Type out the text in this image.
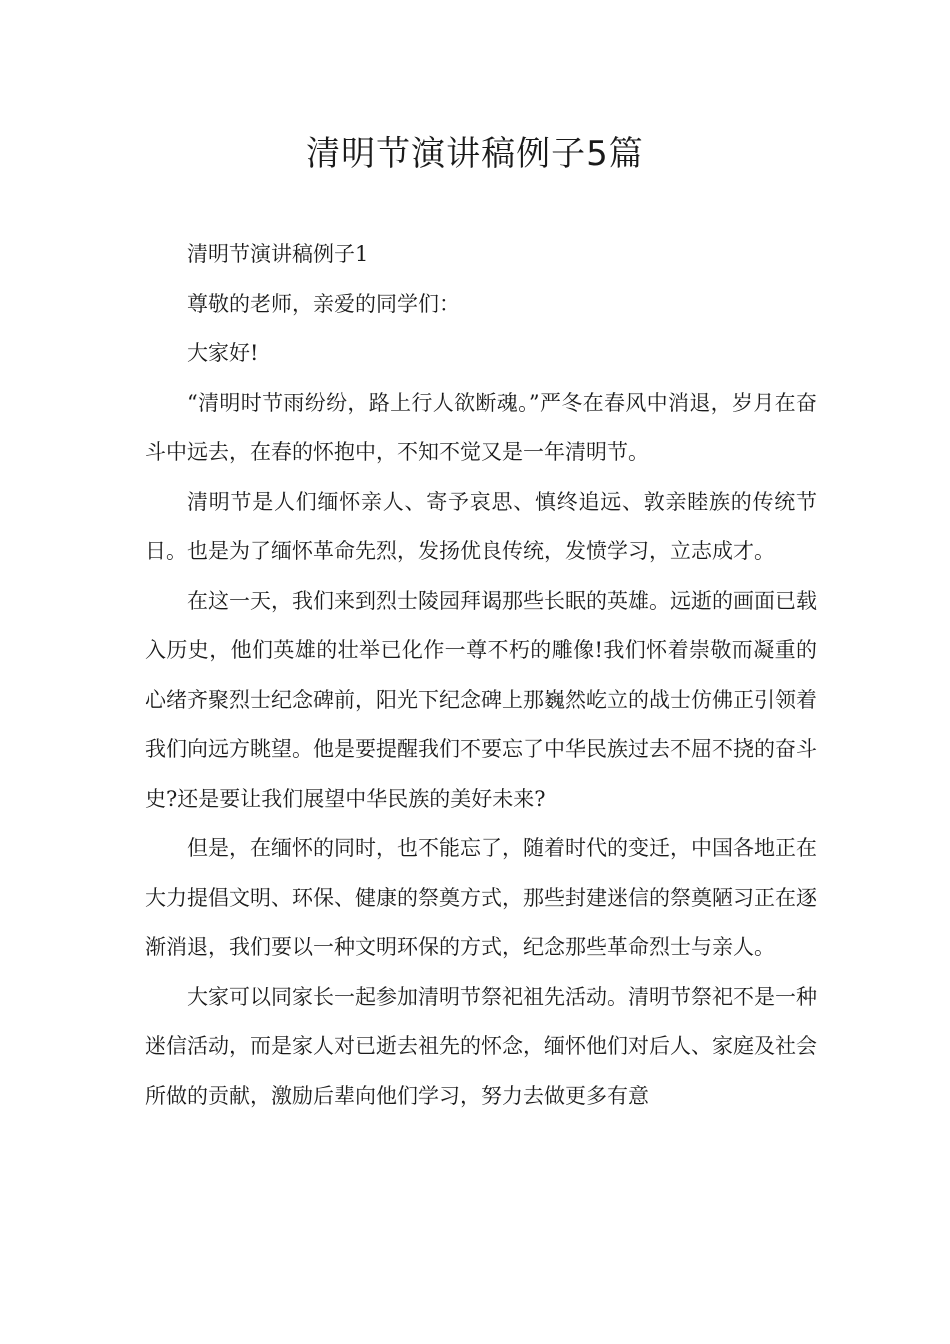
清明节演讲稿例子5篇

清明节演讲稿例子1

尊敬的老师，亲爱的同学们：

大家好!

“清明时节雨纷纷，路上行人欲断魂。”严冬在春风中消退，岁月在奋斗中远去，在春的怀抱中，不知不觉又是一年清明节。

清明节是人们缅怀亲人、寄予哀思、慎终追远、敦亲睦族的传统节日。也是为了缅怀革命先烈，发扬优良传统，发愤学习，立志成才。

在这一天，我们来到烈士陵园拜谒那些长眠的英雄。远逝的画面已载入历史，他们英雄的壮举已化作一尊不朽的雕像!我们怀着崇敬而凝重的心绪齐聚烈士纪念碑前，阳光下纪念碑上那巍然屹立的战士仿佛正引领着我们向远方眺望。他是要提醒我们不要忘了中华民族过去不屈不挠的奋斗史?还是要让我们展望中华民族的美好未来?

但是，在缅怀的同时，也不能忘了，随着时代的变迁，中国各地正在大力提倡文明、环保、健康的祭奠方式，那些封建迷信的祭奠陋习正在逐渐消退，我们要以一种文明环保的方式，纪念那些革命烈士与亲人。

大家可以同家长一起参加清明节祭祀祖先活动。清明节祭祀不是一种迷信活动，而是家人对已逝去祖先的怀念，缅怀他们对后人、家庭及社会所做的贡献，激励后辈向他们学习，努力去做更多有意
